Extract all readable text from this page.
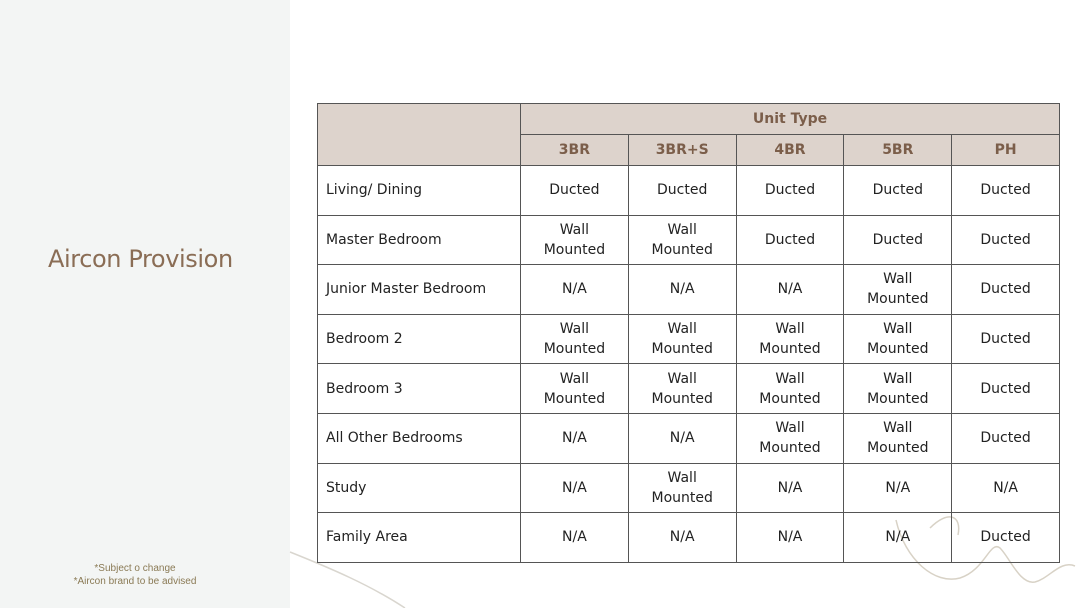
Aircon Provision
*Subject o change
*Aircon brand to be advised
	Unit Type				
	3BR	3BR+S	4BR	5BR	PH
Living/ Dining	Ducted	Ducted	Ducted	Ducted	Ducted
Master Bedroom	Wall Mounted	Wall Mounted	Ducted	Ducted	Ducted
Junior Master Bedroom	N/A	N/A	N/A	Wall Mounted	Ducted
Bedroom 2	Wall Mounted	Wall Mounted	Wall Mounted	Wall Mounted	Ducted
Bedroom 3	Wall Mounted	Wall Mounted	Wall Mounted	Wall Mounted	Ducted
All Other Bedrooms	N/A	N/A	Wall Mounted	Wall Mounted	Ducted
Study	N/A	Wall Mounted	N/A	N/A	N/A
Family Area	N/A	N/A	N/A	N/A	Ducted
